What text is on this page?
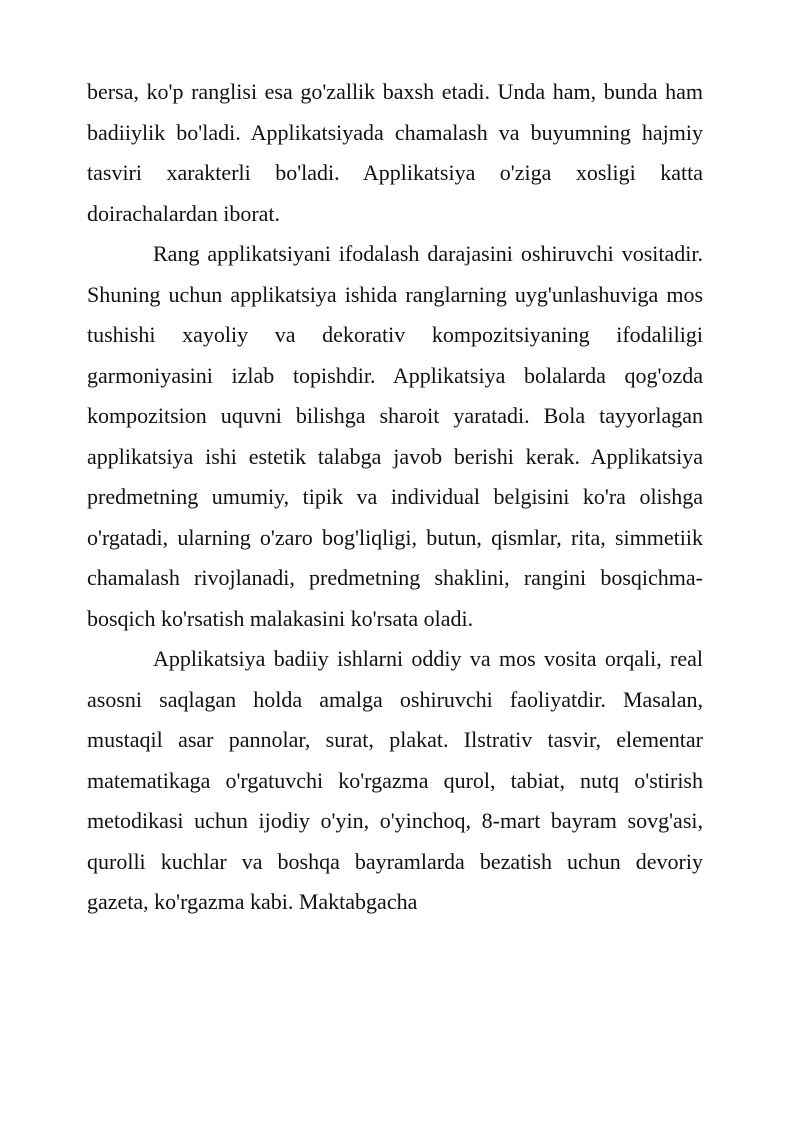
bersa, ko'p ranglisi esa go'zallik baxsh etadi. Unda ham, bunda ham badiiylik bo'ladi. Applikatsiyada chamalash va buyumning hajmiy tasviri xarakterli bo'ladi. Applikatsiya o'ziga xosligi katta doirachalardan iborat.

Rang applikatsiyani ifodalash darajasini oshiruvchi vositadir. Shuning uchun applikatsiya ishida ranglarning uyg'unlashuviga mos tushishi xayoliy va dekorativ kompozitsiyaning ifodaliligi garmoniyasini izlab topishdir. Applikatsiya bolalarda qog'ozda kompozitsion uquvni bilishga sharoit yaratadi. Bola tayyorlagan applikatsiya ishi estetik talabga javob berishi kerak. Applikatsiya predmetning umumiy, tipik va individual belgisini ko'ra olishga o'rgatadi, ularning o'zaro bog'liqligi, butun, qismlar, rita, simmetiik chamalash rivojlanadi, predmetning shaklini, rangini bosqichma-bosqich ko'rsatish malakasini ko'rsata oladi.

Applikatsiya badiiy ishlarni oddiy va mos vosita orqali, real asosni saqlagan holda amalga oshiruvchi faoliyatdir. Masalan, mustaqil asar pannolar, surat, plakat. Ilstrativ tasvir, elementar matematikaga o'rgatuvchi ko'rgazma qurol, tabiat, nutq o'stirish metodikasi uchun ijodiy o'yin, o'yinchoq, 8-mart bayram sovg'asi, qurolli kuchlar va boshqa bayramlarda bezatish uchun devoriy gazeta, ko'rgazma kabi. Maktabgacha
